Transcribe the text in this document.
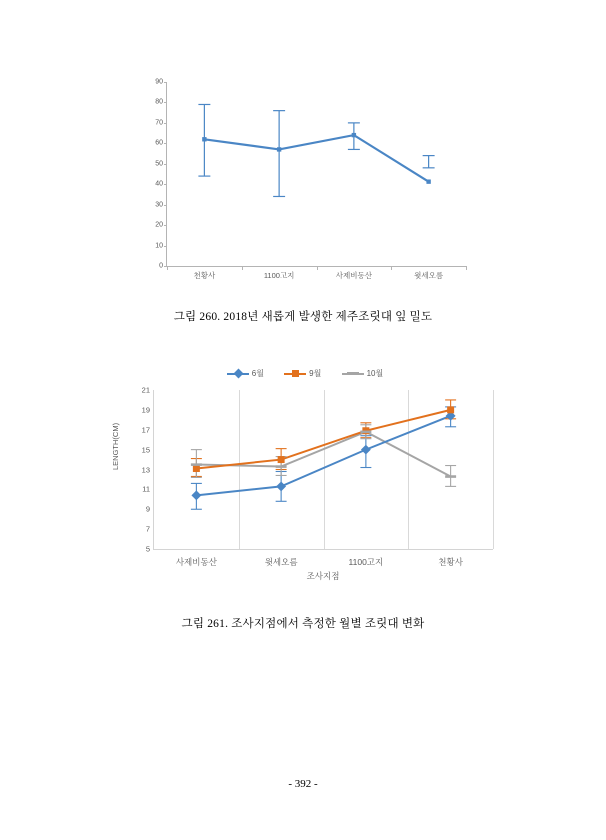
0
10
20
30
40
50
60
70
80
90
천황사	1100고지	사제비동산	윗세오름
그림 260. 2018년 새롭게 발생한 제주조릿대 잎 밀도
6월	9월	10월
LENGTH(CM)
5
7
9
11
13
15
17
19
21
사제비동산	윗세오름	1100고지	천황사
조사지점
그림 261. 조사지점에서 측정한 월별 조릿대 변화
- 392 -
